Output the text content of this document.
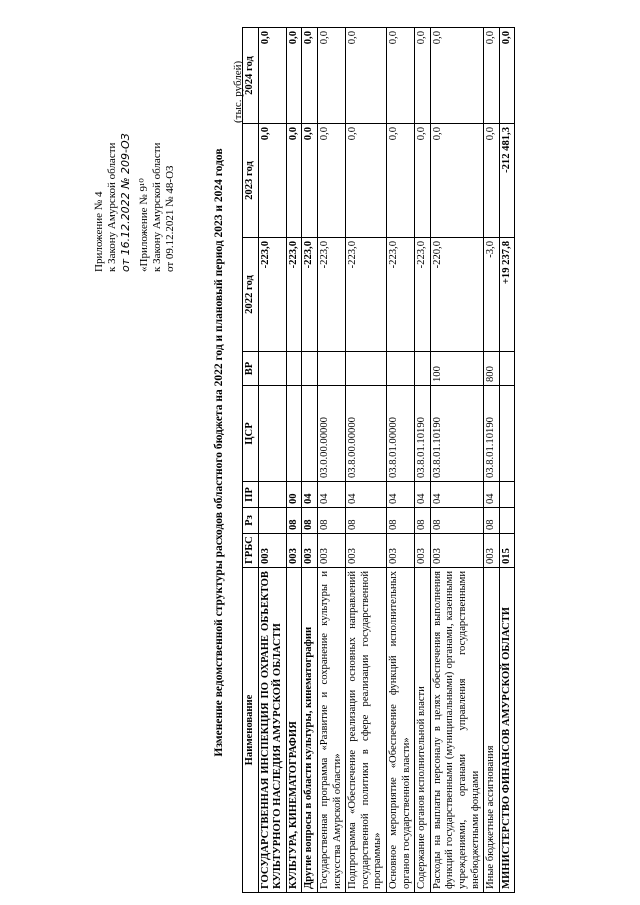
Приложение № 4 к Закону Амурской области от 16.12.2022 № 209-ОЗ «Приложение № 9¹⁰ к Закону Амурской области от 09.12.2021 № 48-ОЗ	Изменение ведомственной структуры расходов областного бюджета на 2022 год и плановый период 2023 и 2024 годов
(тыс. рублей)
Наименование	ГРБС	Рз	ПР	ЦСР	ВР	2022 год	2023 год	2024 год
ГОСУДАРСТВЕННАЯ ИНСПЕКЦИЯ ПО ОХРАНЕ ОБЪЕКТОВ КУЛЬТУРНОГО НАСЛЕДИЯ АМУРСКОЙ ОБЛАСТИ	003					-223,0	0,0	0,0
КУЛЬТУРА, КИНЕМАТОГРАФИЯ	003	08	00			-223,0	0,0	0,0
Другие вопросы в области культуры, кинематографии	003	08	04			-223,0	0,0	0,0
Государственная программа «Развитие и сохранение культуры и искусства Амурской области»	003	08	04	03.0.00.00000		-223,0	0,0	0,0
Подпрограмма «Обеспечение реализации основных направлений государственной политики в сфере реализации государственной программы»	003	08	04	03.8.00.00000		-223,0	0,0	0,0
Основное мероприятие «Обеспечение функций исполнительных органов государственной власти»	003	08	04	03.8.01.00000		-223,0	0,0	0,0
Содержание органов исполнительной власти	003	08	04	03.8.01.10190		-223,0	0,0	0,0
Расходы на выплаты персоналу в целях обеспечения выполнения функций государственными (муниципальными) органами, казенными учреждениями, органами управления государственными внебюджетными фондами	003	08	04	03.8.01.10190	100	-220,0	0,0	0,0
Иные бюджетные ассигнования	003	08	04	03.8.01.10190	800	-3,0	0,0	0,0
МИНИСТЕРСТВО ФИНАНСОВ АМУРСКОЙ ОБЛАСТИ	015					+19 237,8	-212 481,3	0,0
